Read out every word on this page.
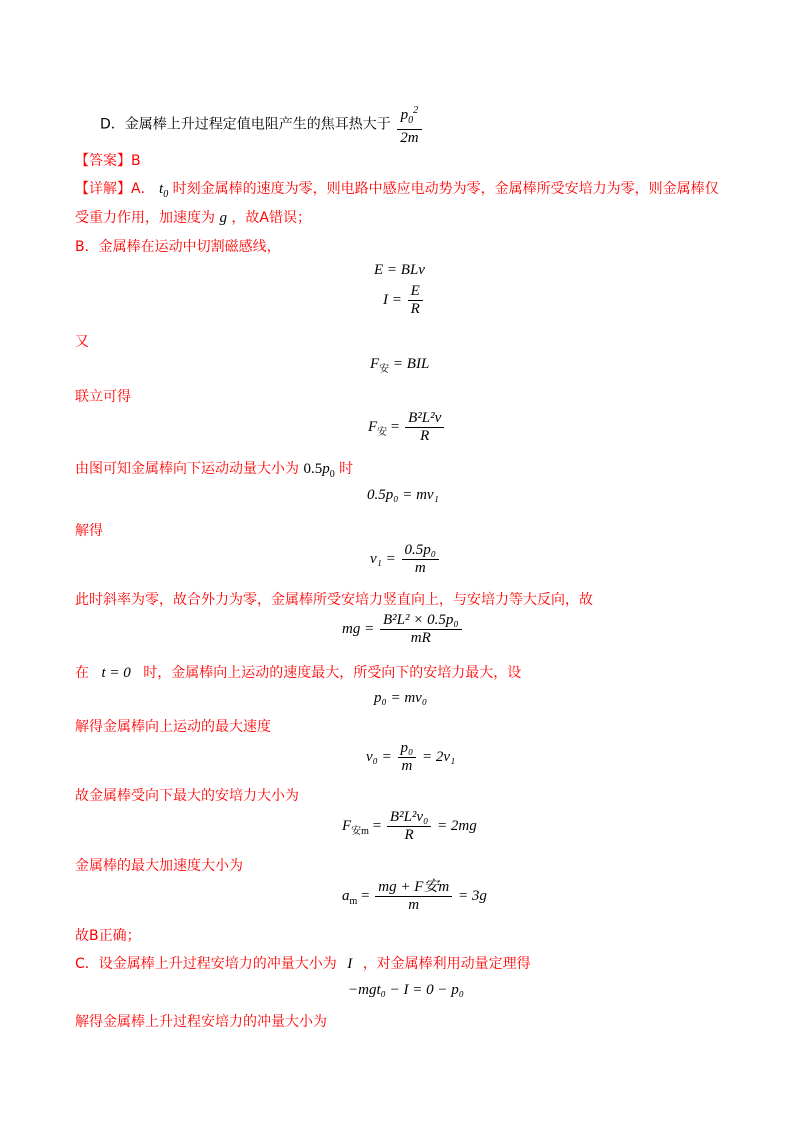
D．金属棒上升过程定值电阻产生的焦耳热大于 $\frac{p_0^2}{2m}$
【答案】B
【详解】A． $t_0$ 时刻金属棒的速度为零，则电路中感应电动势为零，金属棒所受安培力为零，则金属棒仅
受重力作用，加速度为 g ，故A错误；
B．金属棒在运动中切割磁感线，
E = BLv
$I = \frac{E}{R}$
又
$F_安$ = BIL
联立可得
$F_安 = \frac{\text{B²L²v}}{R}$
由图可知金属棒向下运动动量大小为 $0.5p_0$ 时
0.5p₀ = mv₁
解得
$v_1 = \frac{\text{0.5p₀}}{m}$
此时斜率为零，故合外力为零，金属棒所受安培力竖直向上，与安培力等大反向，故
mg = $\frac{\text{B²L² × 0.5p₀}}{mR}$
在 t = 0 时，金属棒向上运动的速度最大，所受向下的安培力最大，设
p₀ = mv₀
解得金属棒向上运动的最大速度
$v_0 = \frac{\text{p₀}}{m} = 2v_1$
故金属棒受向下最大的安培力大小为
$F_{安m} = \frac{\text{B²L²v₀}}{R} = 2mg$
金属棒的最大加速度大小为
$a_m = \frac{\text{mg + F安m}}{m} = 3g$
故B正确；
C．设金属棒上升过程安培力的冲量大小为 I ，对金属棒利用动量定理得
−mgt₀ − I = 0 − p₀
解得金属棒上升过程安培力的冲量大小为
